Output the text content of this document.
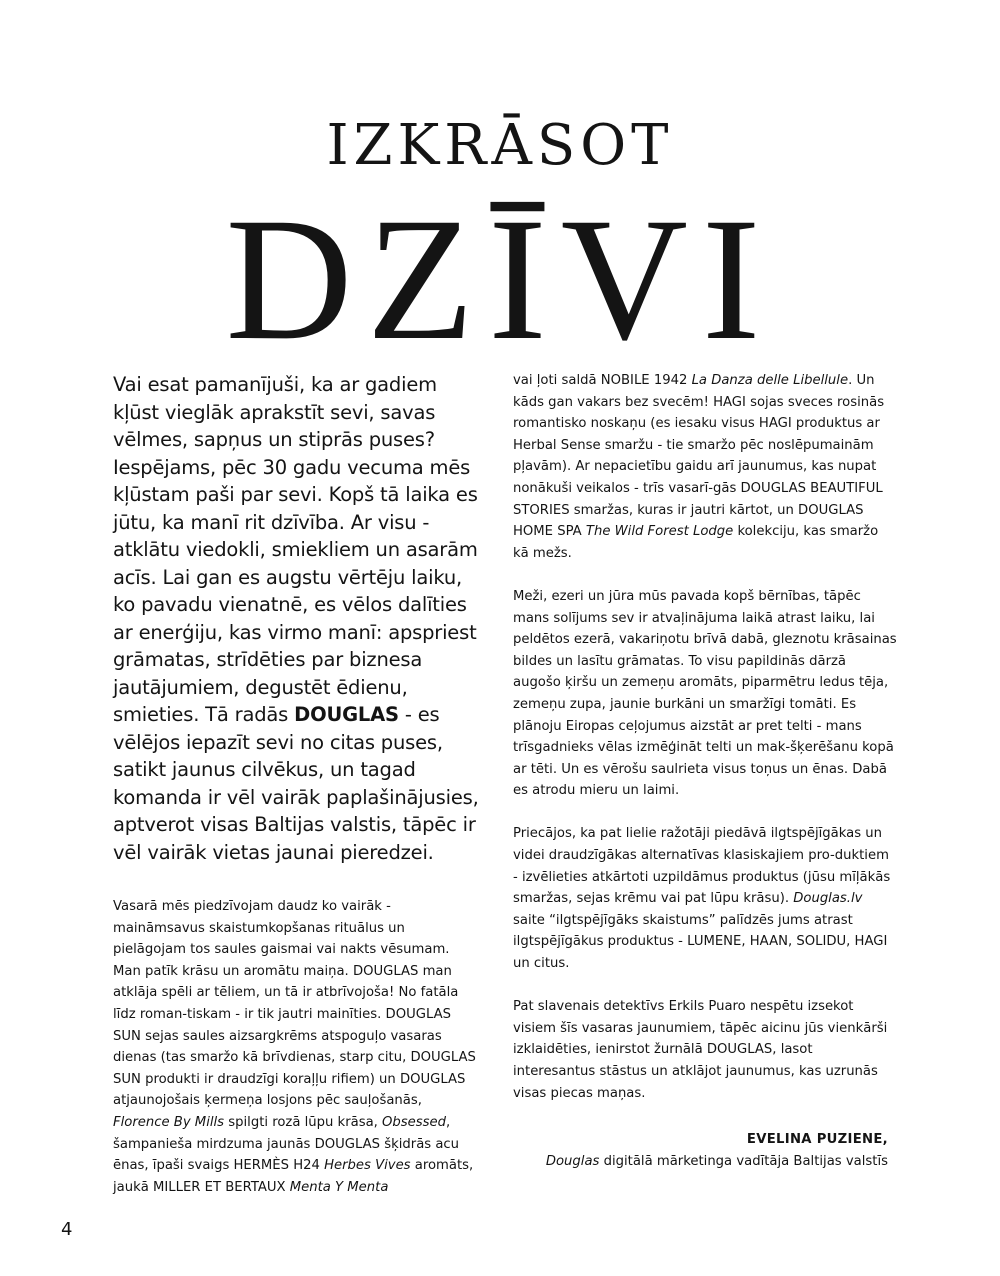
IZKRĀSOT
DZĪVI

Vai esat pamanījuši, ka ar gadiem kļūst vieglāk aprakstīt sevi, savas vēlmes, sapņus un stiprās puses? Iespējams, pēc 30 gadu vecuma mēs kļūstam paši par sevi. Kopš tā laika es jūtu, ka manī rit dzīvība. Ar visu - atklātu viedokli, smiekliem un asarām acīs. Lai gan es augstu vērtēju laiku, ko pavadu vienatnē, es vēlos dalīties ar enerģiju, kas virmo manī: apspriest grāmatas, strīdēties par biznesa jautājumiem, degustēt ēdienu, smieties. Tā radās DOUGLAS - es vēlējos iepazīt sevi no citas puses, satikt jaunus cilvēkus, un tagad komanda ir vēl vairāk paplašinājusies, aptverot visas Baltijas valstis, tāpēc ir vēl vairāk vietas jaunai pieredzei.

Vasarā mēs piedzīvojam daudz ko vairāk - maināmsavus skaistumkopšanas rituālus un pielāgojam tos saules gaismai vai nakts vēsumam. Man patīk krāsu un aromātu maiņa. DOUGLAS man atklāja spēli ar tēliem, un tā ir atbrīvojoša! No fatāla līdz roman-tiskam - ir tik jautri mainīties. DOUGLAS SUN sejas saules aizsargkrēms atspoguļo vasaras dienas (tas smaržo kā brīvdienas, starp citu, DOUGLAS SUN produkti ir draudzīgi koraļļu rifiem) un DOUGLAS atjaunojošais ķermeņa losjons pēc sauļošanās, Florence By Mills spilgti rozā lūpu krāsa, Obsessed, šampanieša mirdzuma jaunās DOUGLAS šķidrās acu ēnas, īpaši svaigs HERMÈS H24 Herbes Vives aromāts, jaukā MILLER ET BERTAUX Menta Y Menta

vai ļoti saldā NOBILE 1942 La Danza delle Libellule. Un kāds gan vakars bez svecēm! HAGI sojas sveces rosinās romantisko noskaņu (es iesaku visus HAGI produktus ar Herbal Sense smaržu - tie smaržo pēc noslēpumainām pļavām). Ar nepacietību gaidu arī jaunumus, kas nupat nonākuši veikalos - trīs vasarī-gās DOUGLAS BEAUTIFUL STORIES smaržas, kuras ir jautri kārtot, un DOUGLAS HOME SPA The Wild Forest Lodge kolekciju, kas smaržo kā mežs.

Meži, ezeri un jūra mūs pavada kopš bērnības, tāpēc mans solījums sev ir atvaļinājuma laikā atrast laiku, lai peldētos ezerā, vakariņotu brīvā dabā, gleznotu krāsainas bildes un lasītu grāmatas. To visu papildinās dārzā augošo ķiršu un zemeņu aromāts, piparmētru ledus tēja, zemeņu zupa, jaunie burkāni un smaržīgi tomāti. Es plānoju Eiropas ceļojumus aizstāt ar pret telti - mans trīsgadnieks vēlas izmēģināt telti un mak-šķerēšanu kopā ar tēti. Un es vērošu saulrieta visus toņus un ēnas. Dabā es atrodu mieru un laimi.

Priecājos, ka pat lielie ražotāji piedāvā ilgtspējīgākas un videi draudzīgākas alternatīvas klasiskajiem pro-duktiem - izvēlieties atkārtoti uzpildāmus produktus (jūsu mīļākās smaržas, sejas krēmu vai pat lūpu krāsu). Douglas.lv saite “ilgtspējīgāks skaistums” palīdzēs jums atrast ilgtspējīgākus produktus - LUMENE, HAAN, SOLIDU, HAGI un citus.

Pat slavenais detektīvs Erkils Puaro nespētu izsekot visiem šīs vasaras jaunumiem, tāpēc aicinu jūs vienkārši izklaidēties, ienirstot žurnālā DOUGLAS, lasot interesantus stāstus un atklājot jaunumus, kas uzrunās visas piecas maņas.

EVELINA PUZIENE,
Douglas digitālā mārketinga vadītāja Baltijas valstīs
4
